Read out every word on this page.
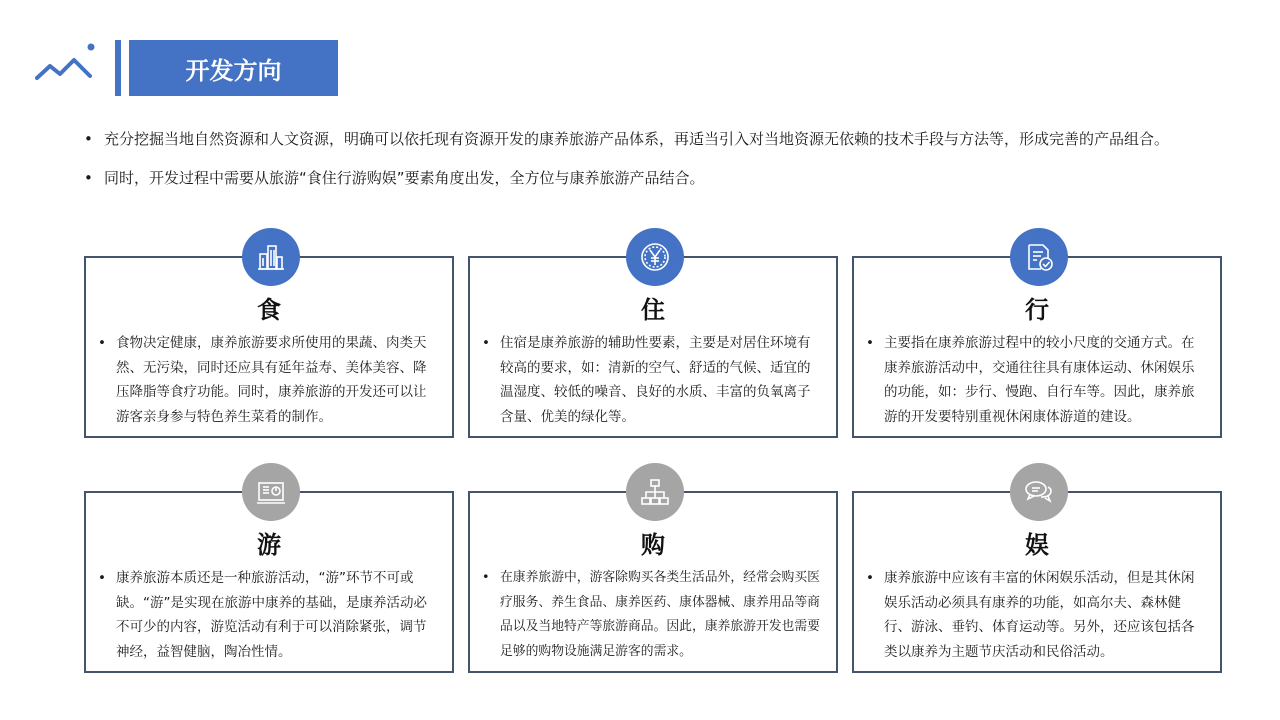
开发方向
• 充分挖掘当地自然资源和人文资源，明确可以依托现有资源开发的康养旅游产品体系，再适当引入对当地资源无依赖的技术手段与方法等，形成完善的产品组合。
• 同时，开发过程中需要从旅游“食住行游购娱”要素角度出发，全方位与康养旅游产品结合。
食
• 食物决定健康，康养旅游要求所使用的果蔬、肉类天然、无污染，同时还应具有延年益寿、美体美容、降压降脂等食疗功能。同时，康养旅游的开发还可以让游客亲身参与特色养生菜肴的制作。
住
• 住宿是康养旅游的辅助性要素，主要是对居住环境有较高的要求，如：清新的空气、舒适的气候、适宜的温湿度、较低的噪音、良好的水质、丰富的负氧离子含量、优美的绿化等。
行
• 主要指在康养旅游过程中的较小尺度的交通方式。在康养旅游活动中，交通往往具有康体运动、休闲娱乐的功能，如：步行、慢跑、自行车等。因此，康养旅游的开发要特别重视休闲康体游道的建设。
游
• 康养旅游本质还是一种旅游活动，“游”环节不可或缺。“游”是实现在旅游中康养的基础，是康养活动必不可少的内容，游览活动有利于可以消除紧张，调节神经，益智健脑，陶冶性情。
购
• 在康养旅游中，游客除购买各类生活品外，经常会购买医疗服务、养生食品、康养医药、康体器械、康养用品等商品以及当地特产等旅游商品。因此，康养旅游开发也需要足够的购物设施满足游客的需求。
娱
• 康养旅游中应该有丰富的休闲娱乐活动，但是其休闲娱乐活动必须具有康养的功能，如高尔夫、森林健行、游泳、垂钓、体育运动等。另外，还应该包括各类以康养为主题节庆活动和民俗活动。
